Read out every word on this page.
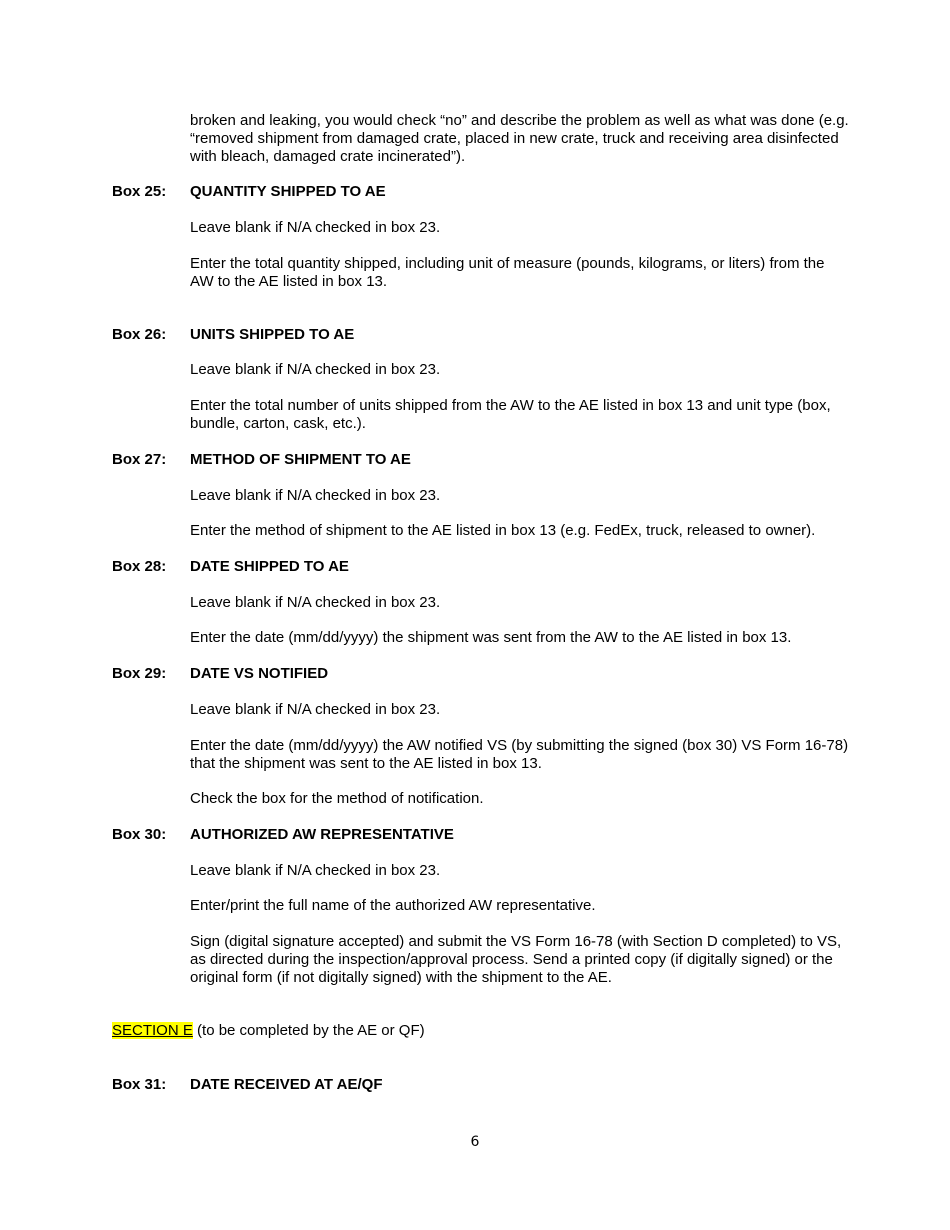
broken and leaking, you would check “no” and describe the problem as well as what was done (e.g. “removed shipment from damaged crate, placed in new crate, truck and receiving area disinfected with bleach, damaged crate incinerated”).

Box 25: QUANTITY SHIPPED TO AE

Leave blank if N/A checked in box 23.

Enter the total quantity shipped, including unit of measure (pounds, kilograms, or liters) from the AW to the AE listed in box 13.

Box 26: UNITS SHIPPED TO AE

Leave blank if N/A checked in box 23.

Enter the total number of units shipped from the AW to the AE listed in box 13 and unit type (box, bundle, carton, cask, etc.).

Box 27: METHOD OF SHIPMENT TO AE

Leave blank if N/A checked in box 23.

Enter the method of shipment to the AE listed in box 13 (e.g. FedEx, truck, released to owner).

Box 28: DATE SHIPPED TO AE

Leave blank if N/A checked in box 23.

Enter the date (mm/dd/yyyy) the shipment was sent from the AW to the AE listed in box 13.

Box 29: DATE VS NOTIFIED

Leave blank if N/A checked in box 23.

Enter the date (mm/dd/yyyy) the AW notified VS (by submitting the signed (box 30) VS Form 16-78) that the shipment was sent to the AE listed in box 13.

Check the box for the method of notification.

Box 30: AUTHORIZED AW REPRESENTATIVE

Leave blank if N/A checked in box 23.

Enter/print the full name of the authorized AW representative.

Sign (digital signature accepted) and submit the VS Form 16-78 (with Section D completed) to VS, as directed during the inspection/approval process. Send a printed copy (if digitally signed) or the original form (if not digitally signed) with the shipment to the AE.

SECTION E (to be completed by the AE or QF)
Box 31: DATE RECEIVED AT AE/QF
6
